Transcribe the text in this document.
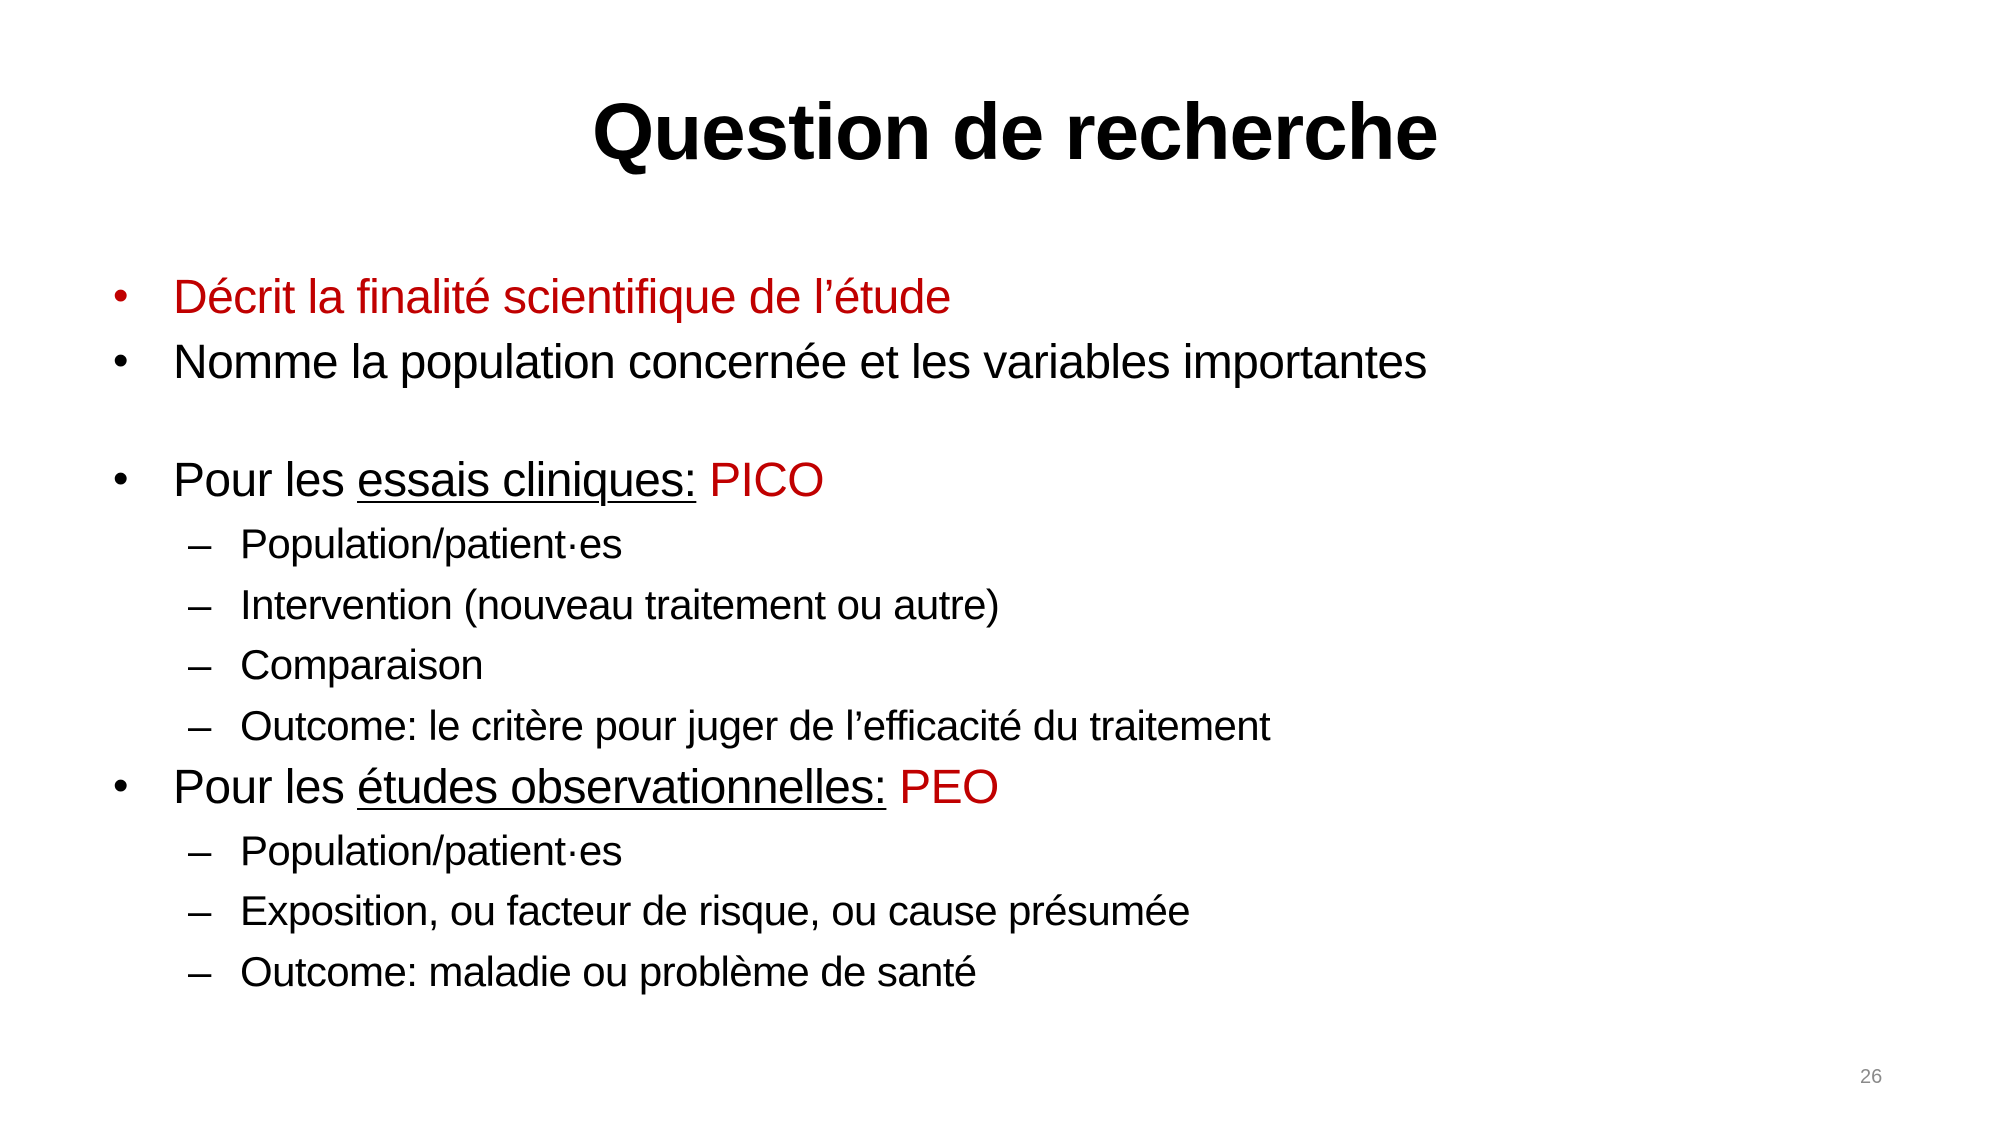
Question de recherche
• Décrit la finalité scientifique de l’étude
• Nomme la population concernée et les variables importantes
• Pour les essais cliniques: PICO
– Population/patient·es
– Intervention (nouveau traitement ou autre)
– Comparaison
– Outcome: le critère pour juger de l’efficacité du traitement
• Pour les études observationnelles: PEO
– Population/patient·es
– Exposition, ou facteur de risque, ou cause présumée
– Outcome: maladie ou problème de santé
26
